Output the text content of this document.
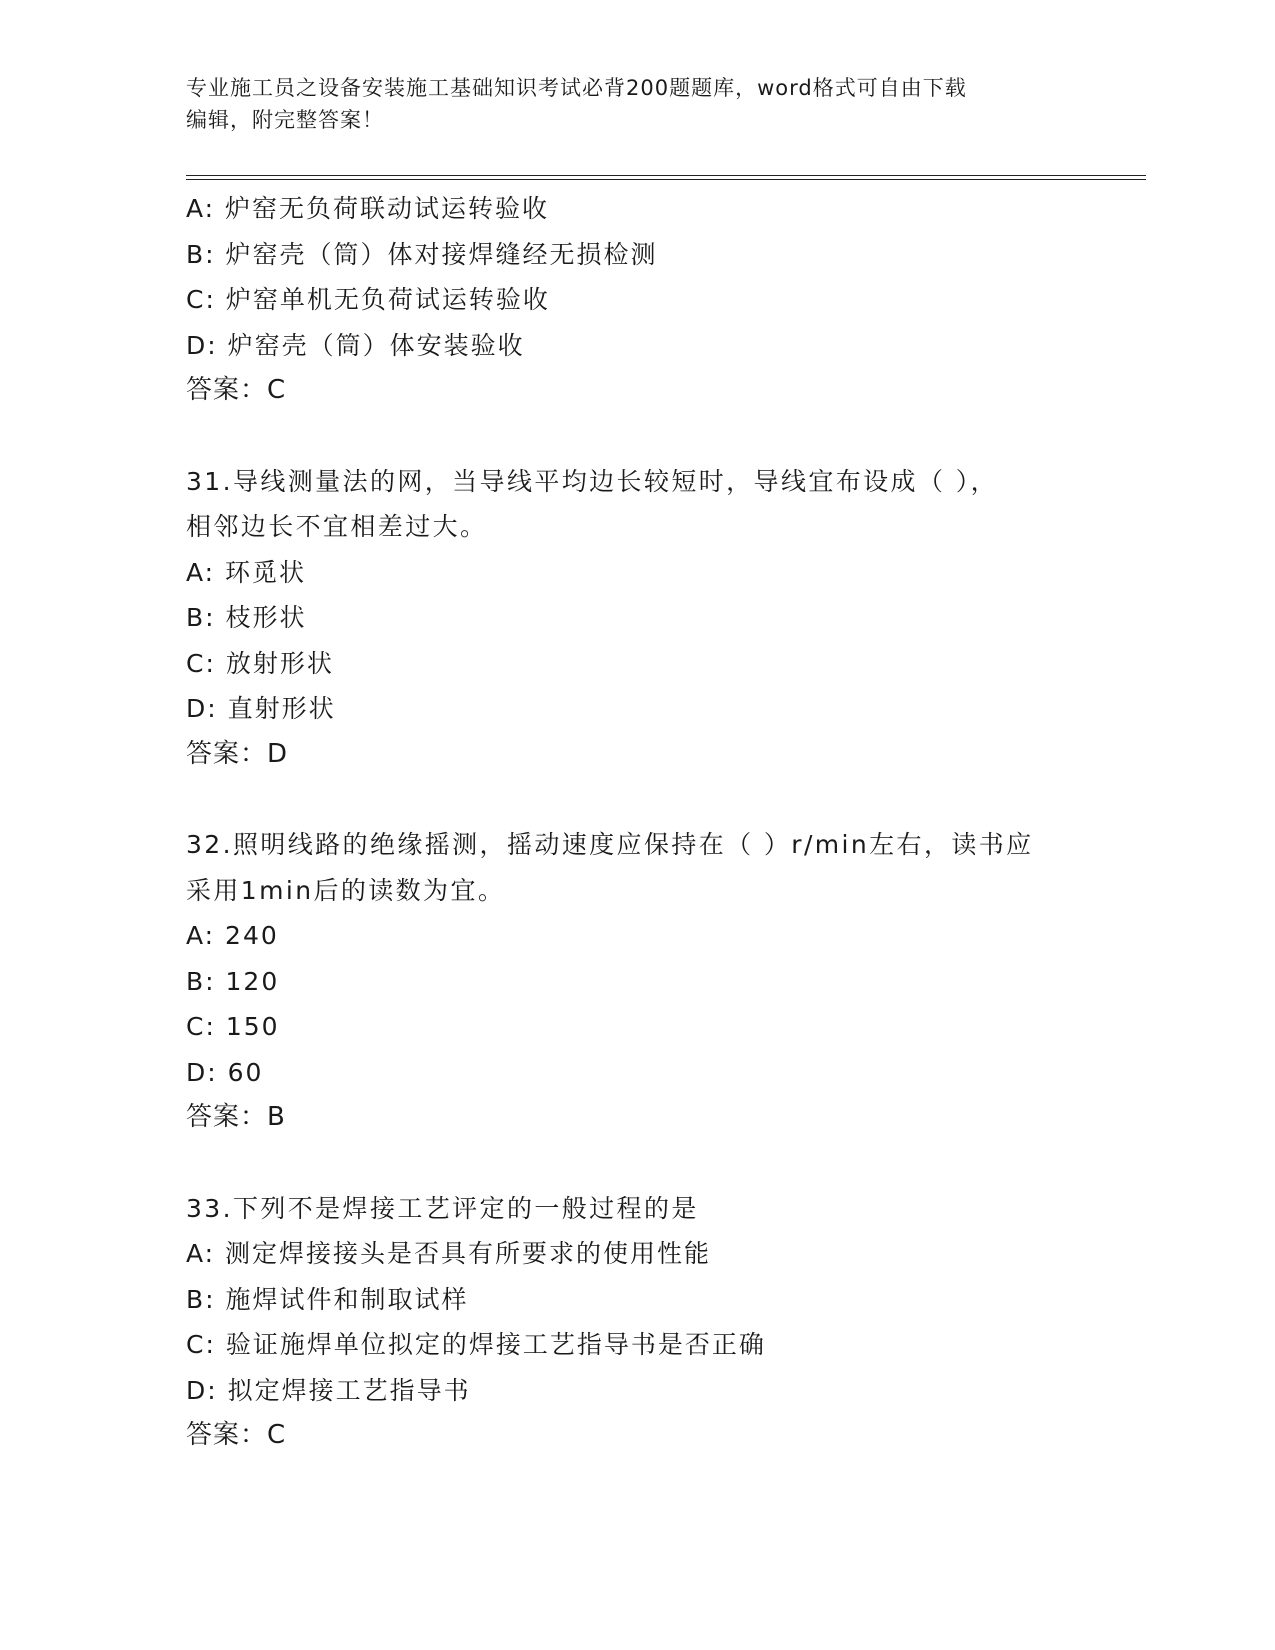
专业施工员之设备安装施工基础知识考试必背200题题库，word格式可自由下载
编辑，附完整答案！
A: 炉窑无负荷联动试运转验收
B: 炉窑壳（筒）体对接焊缝经无损检测
C: 炉窑单机无负荷试运转验收
D: 炉窑壳（筒）体安装验收
答案：C
31.导线测量法的网，当导线平均边长较短时，导线宜布设成（ ），
相邻边长不宜相差过大。
A: 环觅状
B: 枝形状
C: 放射形状
D: 直射形状
答案：D
32.照明线路的绝缘摇测，摇动速度应保持在（ ）r/min左右，读书应
采用1min后的读数为宜。
A: 240
B: 120
C: 150
D: 60
答案：B
33.下列不是焊接工艺评定的一般过程的是
A: 测定焊接接头是否具有所要求的使用性能
B: 施焊试件和制取试样
C: 验证施焊单位拟定的焊接工艺指导书是否正确
D: 拟定焊接工艺指导书
答案：C
